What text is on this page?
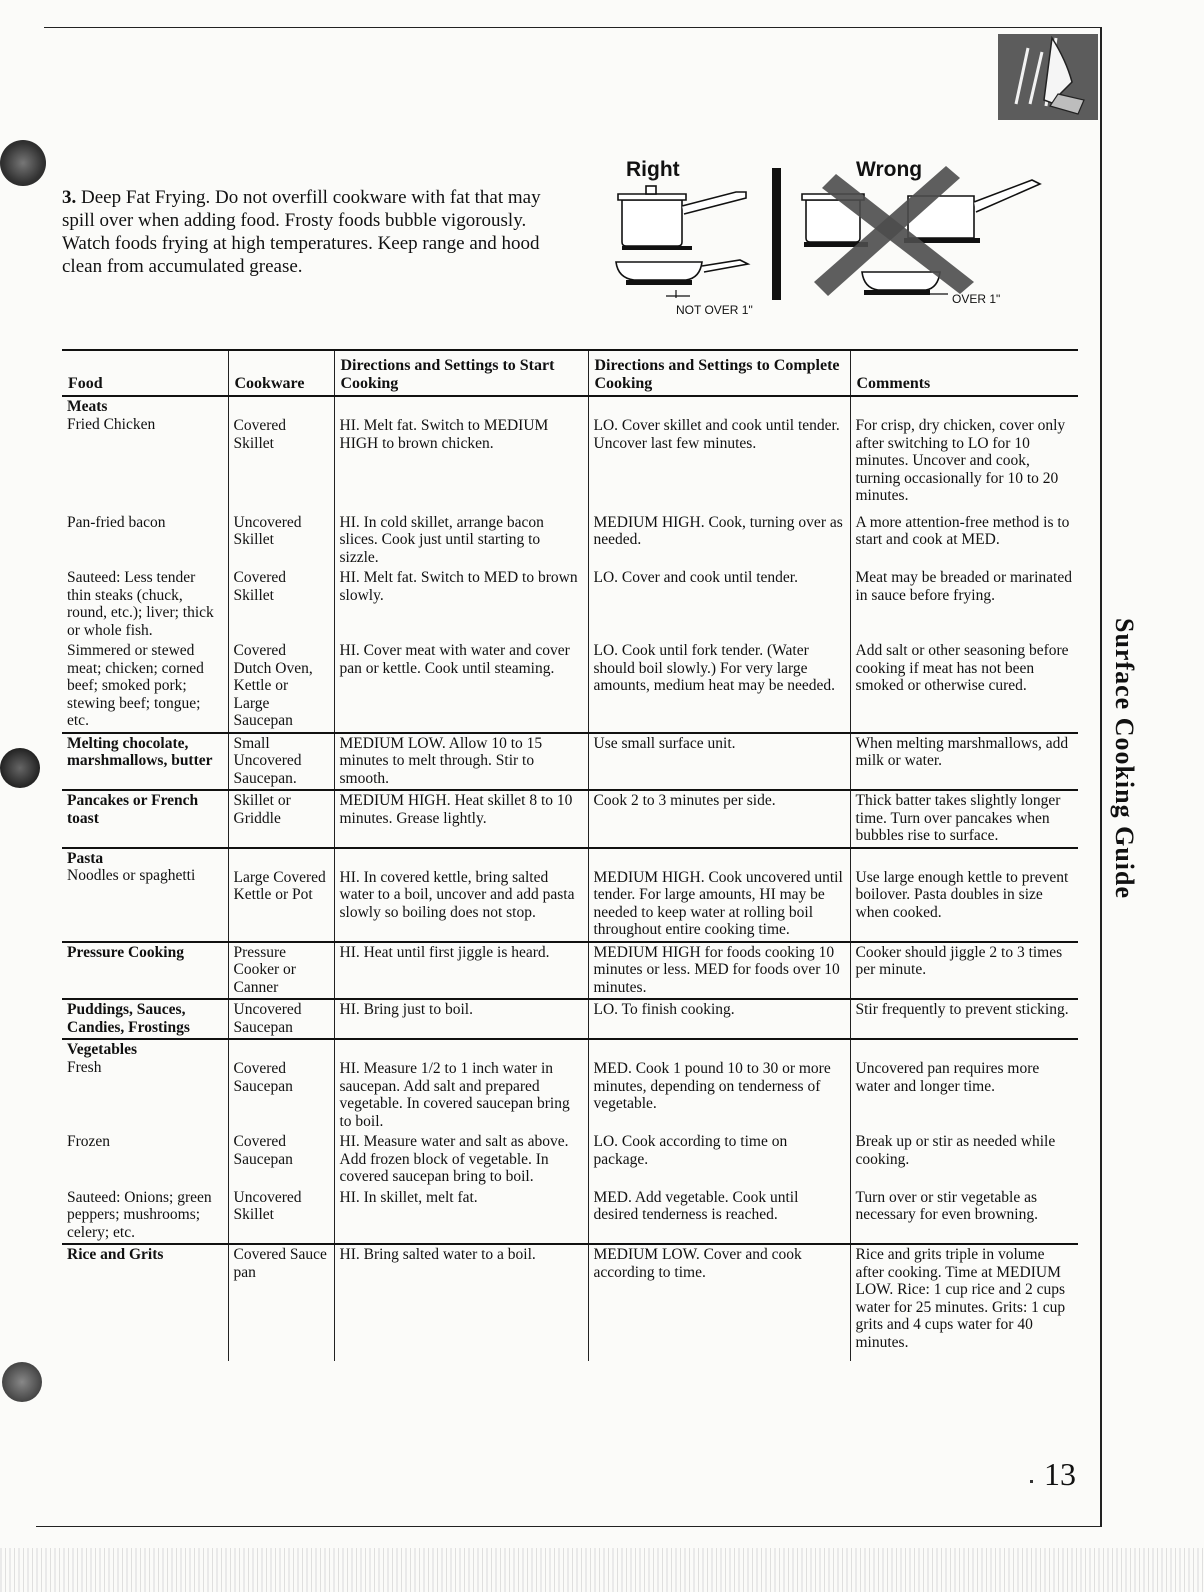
3. Deep Fat Frying. Do not overfill cookware with fat that may spill over when adding food. Frosty foods bubble vigorously. Watch foods frying at high temperatures. Keep range and hood clean from accumulated grease.
Right	Wrong
NOT OVER 1"
OVER 1"
Surface Cooking Guide
Food	Cookware	Directions and Settings to Start Cooking	Directions and Settings to Complete Cooking	Comments

Meats
Fried Chicken	Covered Skillet	HI. Melt fat. Switch to MEDIUM HIGH to brown chicken.	LO. Cover skillet and cook until tender. Uncover last few minutes.	For crisp, dry chicken, cover only after switching to LO for 10 minutes. Uncover and cook, turning occasionally for 10 to 20 minutes.

Pan-fried bacon	Uncovered Skillet	HI. In cold skillet, arrange bacon slices. Cook just until starting to sizzle.	MEDIUM HIGH. Cook, turning over as needed.	A more attention-free method is to start and cook at MED.

Sauteed: Less tender thin steaks (chuck, round, etc.); liver; thick or whole fish.	Covered Skillet	HI. Melt fat. Switch to MED to brown slowly.	LO. Cover and cook until tender.	Meat may be breaded or marinated in sauce before frying.

Simmered or stewed meat; chicken; corned beef; smoked pork; stewing beef; tongue; etc.	Covered Dutch Oven, Kettle or Large Saucepan	HI. Cover meat with water and cover pan or kettle. Cook until steaming.	LO. Cook until fork tender. (Water should boil slowly.) For very large amounts, medium heat may be needed.	Add salt or other seasoning before cooking if meat has not been smoked or otherwise cured.

Melting chocolate, marshmallows, butter	Small Uncovered Saucepan.	MEDIUM LOW. Allow 10 to 15 minutes to melt through. Stir to smooth.	Use small surface unit.	When melting marshmallows, add milk or water.

Pancakes or French toast	Skillet or Griddle	MEDIUM HIGH. Heat skillet 8 to 10 minutes. Grease lightly.	Cook 2 to 3 minutes per side.	Thick batter takes slightly longer time. Turn over pancakes when bubbles rise to surface.

Pasta
Noodles or spaghetti	Large Covered Kettle or Pot	HI. In covered kettle, bring salted water to a boil, uncover and add pasta slowly so boiling does not stop.	MEDIUM HIGH. Cook uncovered until tender. For large amounts, HI may be needed to keep water at rolling boil throughout entire cooking time.	Use large enough kettle to prevent boilover. Pasta doubles in size when cooked.

Pressure Cooking	Pressure Cooker or Canner	HI. Heat until first jiggle is heard.	MEDIUM HIGH for foods cooking 10 minutes or less. MED for foods over 10 minutes.	Cooker should jiggle 2 to 3 times per minute.

Puddings, Sauces, Candies, Frostings	Uncovered Saucepan	HI. Bring just to boil.	LO. To finish cooking.	Stir frequently to prevent sticking.

Vegetables
Fresh	Covered Saucepan	HI. Measure 1/2 to 1 inch water in saucepan. Add salt and prepared vegetable. In covered saucepan bring to boil.	MED. Cook 1 pound 10 to 30 or more minutes, depending on tenderness of vegetable.	Uncovered pan requires more water and longer time.

Frozen	Covered Saucepan	HI. Measure water and salt as above. Add frozen block of vegetable. In covered saucepan bring to boil.	LO. Cook according to time on package.	Break up or stir as needed while cooking.

Sauteed: Onions; green peppers; mushrooms; celery; etc.	Uncovered Skillet	HI. In skillet, melt fat.	MED. Add vegetable. Cook until desired tenderness is reached.	Turn over or stir vegetable as necessary for even browning.

Rice and Grits	Covered Sauce pan	HI. Bring salted water to a boil.	MEDIUM LOW. Cover and cook according to time.	Rice and grits triple in volume after cooking. Time at MEDIUM LOW. Rice: 1 cup rice and 2 cups water for 25 minutes. Grits: 1 cup grits and 4 cups water for 40 minutes.
13
